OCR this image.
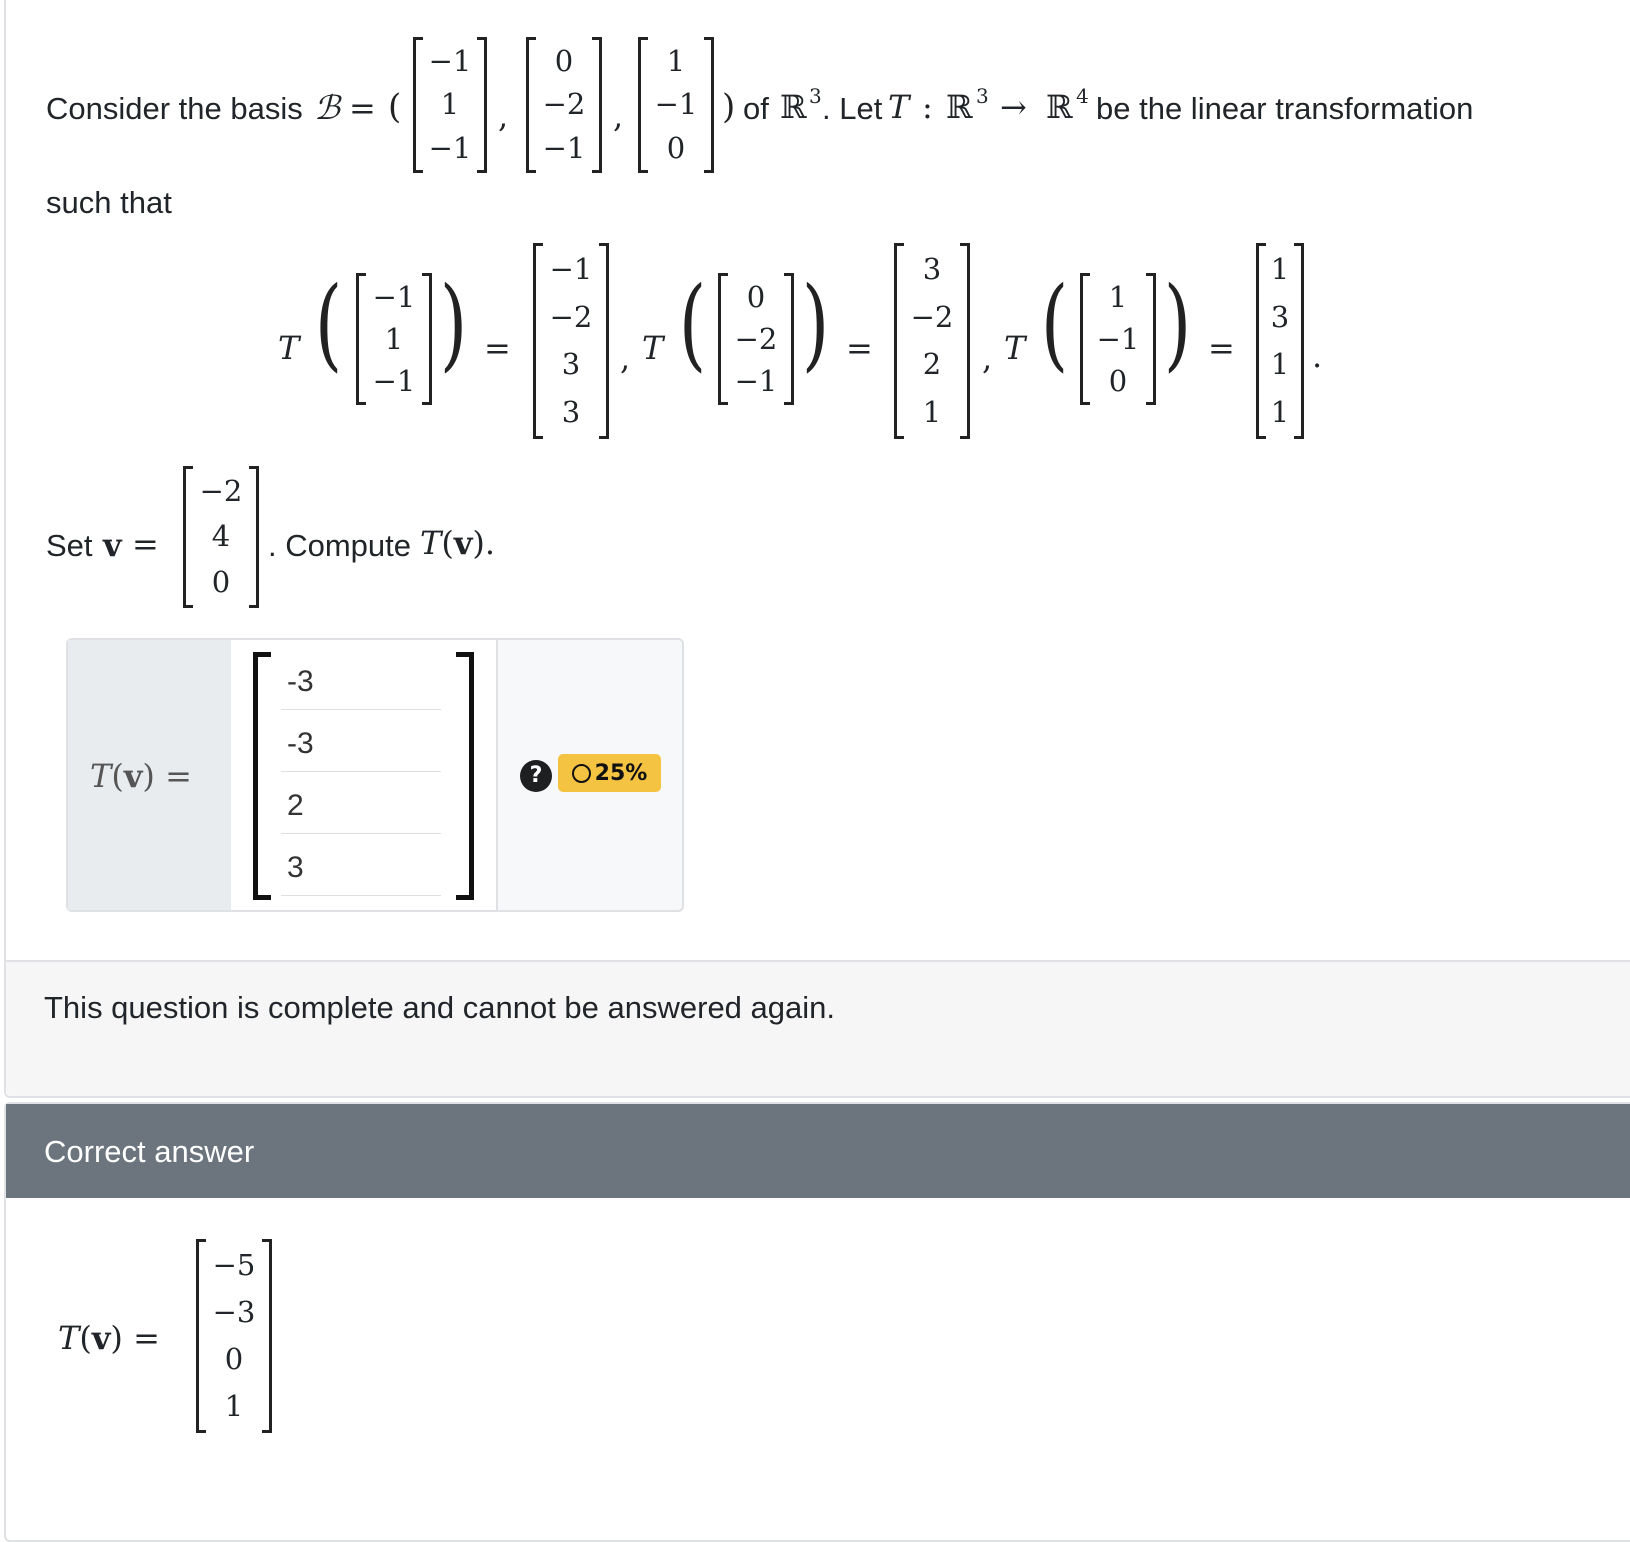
Consider the basis ℬ = (
−1
1
−1
,
0
−2
−1
,
1
−1
0
) of ℝ 3 . Let T : ℝ 3 → ℝ 4 be the linear transformation
such that
T ( −1
1
−1 ) =
−1
−2
3
3
, T ( 0
−2
−1 ) =
3
−2
2
1
, T ( 1
−1
0 ) =
1
3
1
1
.
Set v =
−2
4
0
. Compute T(v).
T(v) =
-3
-3
2
3	?	25%
This question is complete and cannot be answered again.
Correct answer
T(v) =
−5
−3
0
1
